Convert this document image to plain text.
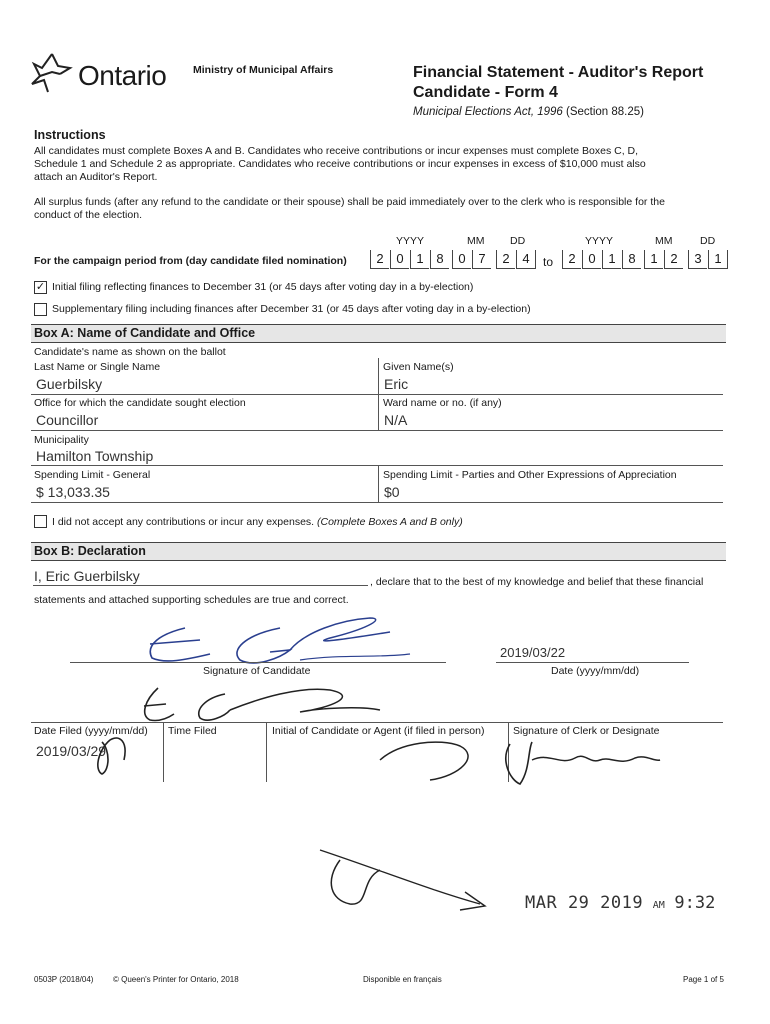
Ontario	Ministry of Municipal Affairs	Financial Statement - Auditor's Report
Candidate - Form 4
Municipal Elections Act, 1996 (Section 88.25)
Instructions
All candidates must complete Boxes A and B. Candidates who receive contributions or incur expenses must complete Boxes C, D,
Schedule 1 and Schedule 2 as appropriate. Candidates who receive contributions or incur expenses in excess of $10,000 must also
attach an Auditor's Report.
All surplus funds (after any refund to the candidate or their spouse) shall be paid immediately over to the clerk who is responsible for the
conduct of the election.
YYYY	MM DD	YYYY	MM	DD
For the campaign period from (day candidate filed nomination)	2 0 1 8	0 7	2 4	to	2 0 1 8	1 2	3 1
✓ Initial filing reflecting finances to December 31 (or 45 days after voting day in a by-election)
Supplementary filing including finances after December 31 (or 45 days after voting day in a by-election)
Box A: Name of Candidate and Office
Candidate's name as shown on the ballot
Last Name or Single Name
Guerbilsky
Given Name(s)
Eric
Office for which the candidate sought election
Councillor
Ward name or no. (if any)
N/A
Municipality
Hamilton Township
Spending Limit - General
$ 13,033.35
Spending Limit - Parties and Other Expressions of Appreciation
$0
I did not accept any contributions or incur any expenses. (Complete Boxes A and B only)
Box B: Declaration
I, Eric Guerbilsky	, declare that to the best of my knowledge and belief that these financial
statements and attached supporting schedules are true and correct.
Signature of Candidate
2019/03/22
Date (yyyy/mm/dd)
Date Filed (yyyy/mm/dd)
2019/03/29
Time Filed	Initial of Candidate or Agent (if filed in person)	Signature of Clerk or Designate
MAR 29 2019 AM 9:32
0503P (2018/04) © Queen's Printer for Ontario, 2018	Disponible en français	Page 1 of 5
